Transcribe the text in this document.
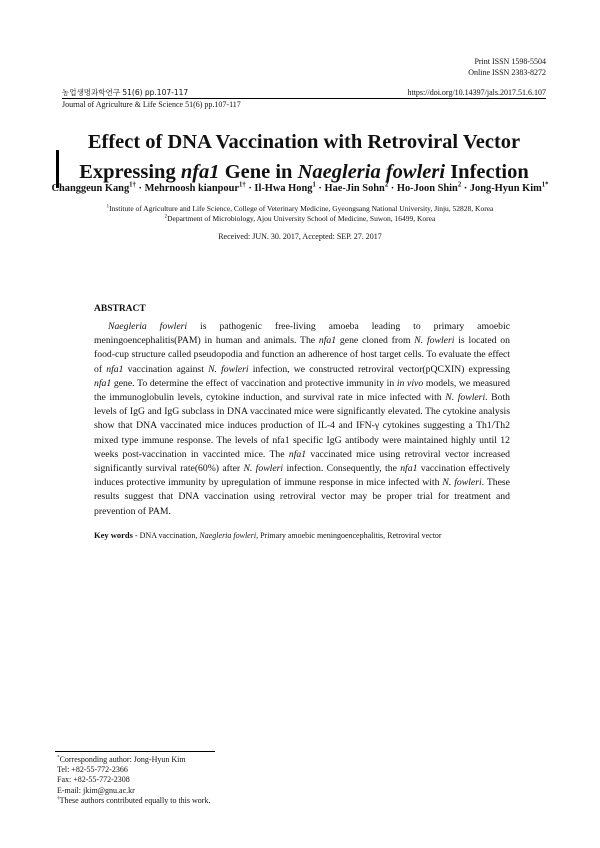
Print ISSN 1598-5504
Online ISSN 2383-8272
농업생명과학연구 51(6) pp.107-117	https://doi.org/10.14397/jals.2017.51.6.107
Journal of Agriculture & Life Science 51(6) pp.107-117
Effect of DNA Vaccination with Retroviral Vector
Expressing nfa1 Gene in Naegleria fowleri Infection
Changgeun Kang$^{1\dagger}$ · Mehrnoosh kianpour$^{1\dagger}$ · Il-Hwa Hong$^1$ · Hae-Jin Sohn$^2$ · Ho-Joon Shin$^2$ · Jong-Hyun Kim$^{1*}$
$^1$Institute of Agriculture and Life Science, College of Veterinary Medicine, Gyeongsang National University, Jinju, 52828, Korea
$^2$Department of Microbiology, Ajou University School of Medicine, Suwon, 16499, Korea
Received: JUN. 30. 2017, Accepted: SEP. 27. 2017
ABSTRACT

Naegleria fowleri is pathogenic free-living amoeba leading to primary amoebic meningoencephalitis(PAM) in human and animals. The nfa1 gene cloned from N. fowleri is located on food-cup structure called pseudopodia and function an adherence of host target cells. To evaluate the effect of nfa1 vaccination against N. fowleri infection, we constructed retroviral vector(pQCXIN) expressing nfa1 gene. To determine the effect of vaccination and protective immunity in in vivo models, we measured the immunoglobulin levels, cytokine induction, and survival rate in mice infected with N. fowleri. Both levels of IgG and IgG subclass in DNA vaccinated mice were significantly elevated. The cytokine analysis show that DNA vaccinated mice induces production of IL-4 and IFN-γ cytokines suggesting a Th1/Th2 mixed type immune response. The levels of nfa1 specific IgG antibody were maintained highly until 12 weeks post-vaccination in vaccinted mice. The nfa1 vaccinated mice using retroviral vector increased significantly survival rate(60%) after N. fowleri infection. Consequently, the nfa1 vaccination effectively induces protective immunity by upregulation of immune response in mice infected with N. fowleri. These results suggest that DNA vaccination using retroviral vector may be proper trial for treatment and prevention of PAM.

Key words - DNA vaccination, Naegleria fowleri, Primary amoebic meningoencephalitis, Retroviral vector
*Corresponding author: Jong-Hyun Kim
Tel: +82-55-772-2366
Fax: +82-55-772-2308
E-mail: jkim@gnu.ac.kr
†These authors contributed equally to this work.
